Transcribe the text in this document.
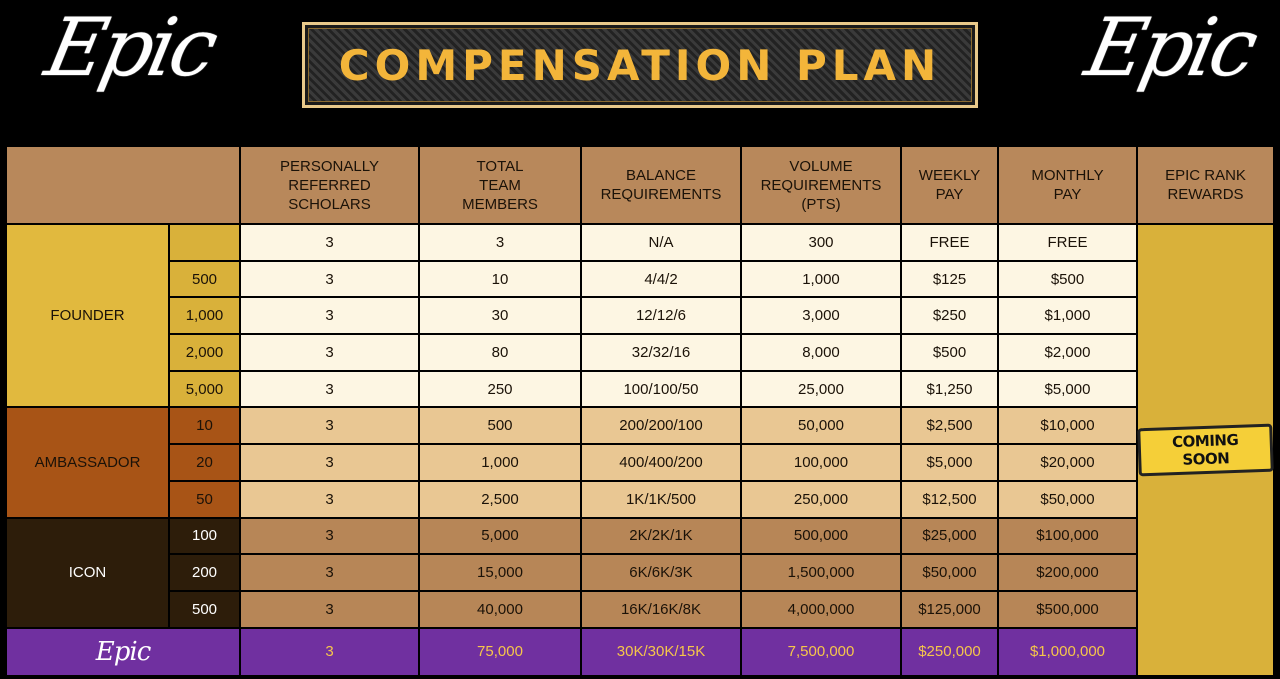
Epic	Epic
COMPENSATION PLAN
		PERSONALLY REFERRED SCHOLARS	TOTAL TEAM MEMBERS	BALANCE REQUIREMENTS	VOLUME REQUIREMENTS (PTS)	WEEKLY PAY	MONTHLY PAY	EPIC RANK REWARDS
FOUNDER		3	3	N/A	300	FREE	FREE	COMING SOON
	500	3	10	4/4/2	1,000	$125	$500	
	1,000	3	30	12/12/6	3,000	$250	$1,000	
	2,000	3	80	32/32/16	8,000	$500	$2,000	
	5,000	3	250	100/100/50	25,000	$1,250	$5,000	
AMBASSADOR	10	3	500	200/200/100	50,000	$2,500	$10,000	
	20	3	1,000	400/400/200	100,000	$5,000	$20,000	
	50	3	2,500	1K/1K/500	250,000	$12,500	$50,000	
ICON	100	3	5,000	2K/2K/1K	500,000	$25,000	$100,000	
	200	3	15,000	6K/6K/3K	1,500,000	$50,000	$200,000	
	500	3	40,000	16K/16K/8K	4,000,000	$125,000	$500,000	
Epic		3	75,000	30K/30K/15K	7,500,000	$250,000	$1,000,000	
